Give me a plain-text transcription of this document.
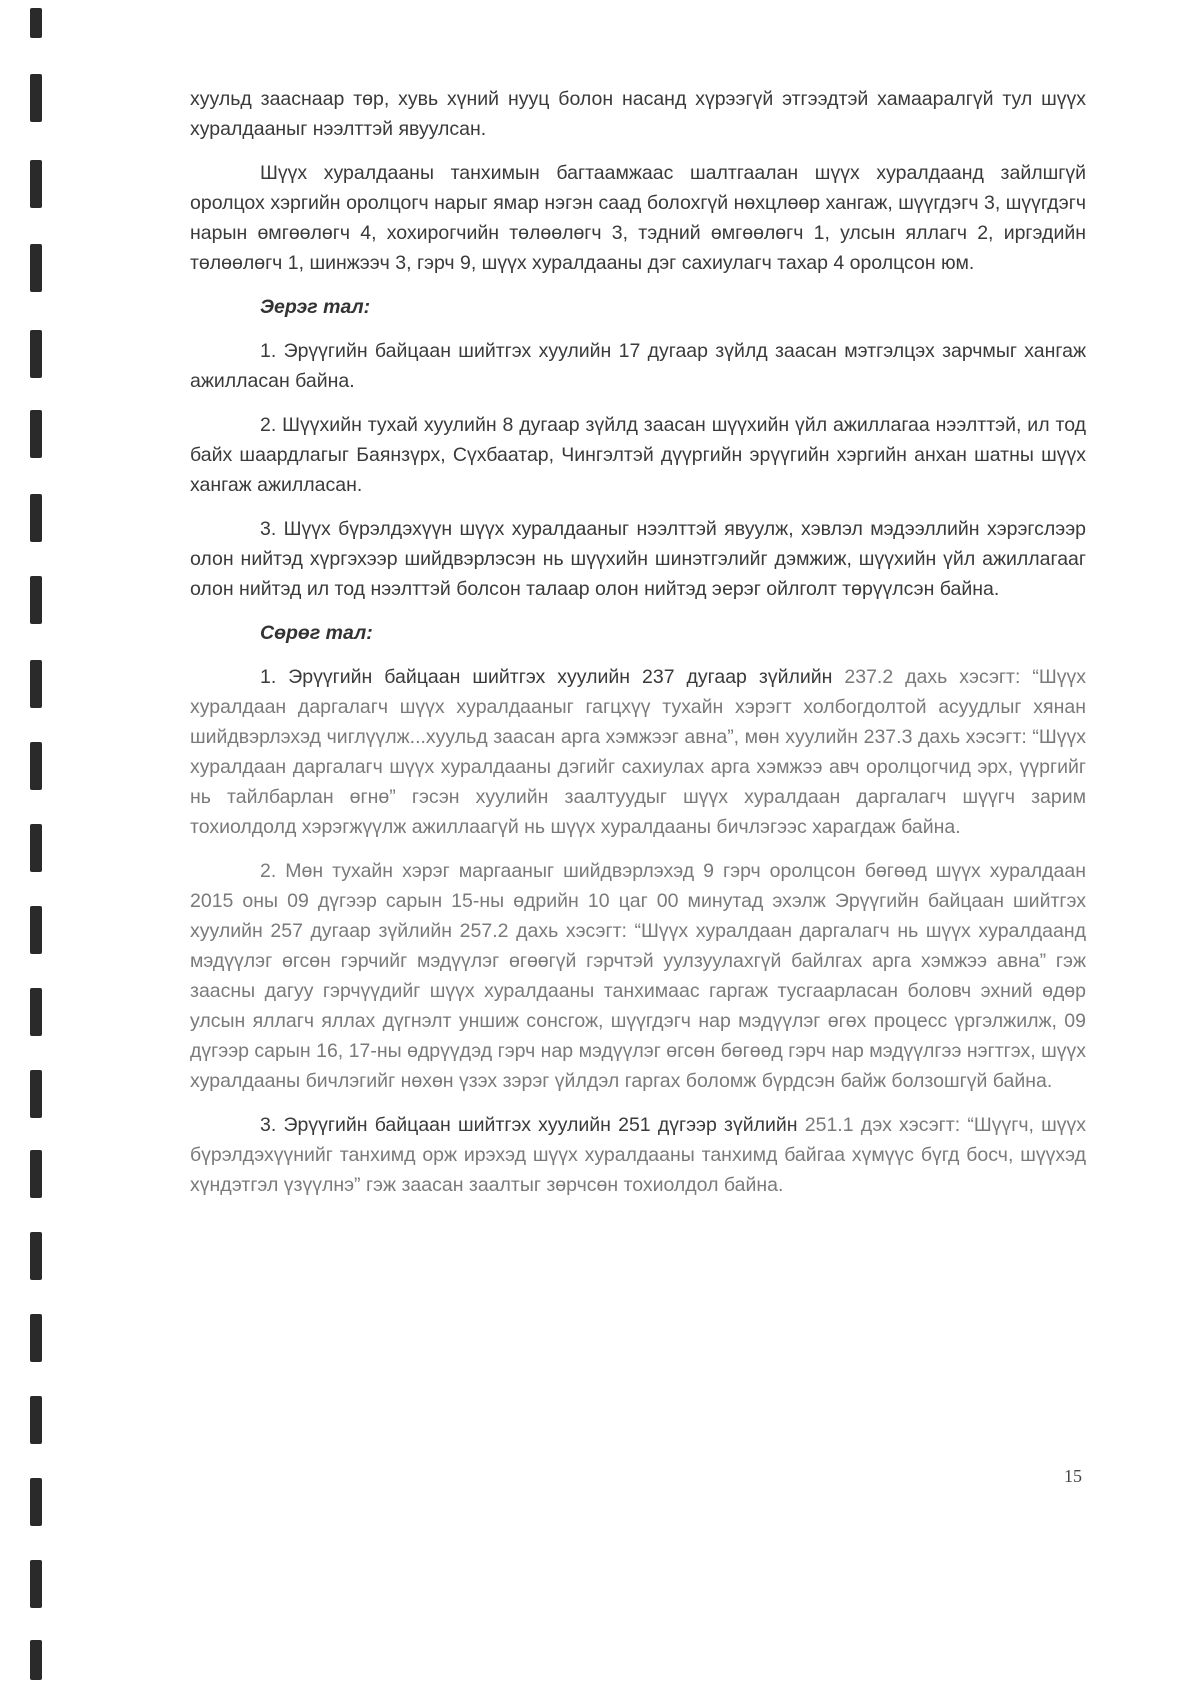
хуульд зааснаар төр, хувь хүний нууц болон насанд хүрээгүй этгээдтэй хамааралгүй тул шүүх хуралдааныг нээлттэй явуулсан.

Шүүх хуралдааны танхимын багтаамжаас шалтгаалан шүүх хуралдаанд зайлшгүй оролцох хэргийн оролцогч нарыг ямар нэгэн саад болохгүй нөхцлөөр хангаж, шүүгдэгч 3, шүүгдэгч нарын өмгөөлөгч 4, хохирогчийн төлөөлөгч 3, тэдний өмгөөлөгч 1, улсын яллагч 2, иргэдийн төлөөлөгч 1, шинжээч 3, гэрч 9, шүүх хуралдааны дэг сахиулагч тахар 4 оролцсон юм.

Эерэг тал:

1. Эрүүгийн байцаан шийтгэх хуулийн 17 дугаар зүйлд заасан мэтгэлцэх зарчмыг хангаж ажилласан байна.

2. Шүүхийн тухай хуулийн 8 дугаар зүйлд заасан шүүхийн үйл ажиллагаа нээлттэй, ил тод байх шаардлагыг Баянзүрх, Сүхбаатар, Чингэлтэй дүүргийн эрүүгийн хэргийн анхан шатны шүүх хангаж ажилласан.

3. Шүүх бүрэлдэхүүн шүүх хуралдааныг нээлттэй явуулж, хэвлэл мэдээллийн хэрэгслээр олон нийтэд хүргэхээр шийдвэрлэсэн нь шүүхийн шинэтгэлийг дэмжиж, шүүхийн үйл ажиллагааг олон нийтэд ил тод нээлттэй болсон талаар олон нийтэд эерэг ойлголт төрүүлсэн байна.

Сөрөг тал:

1. Эрүүгийн байцаан шийтгэх хуулийн 237 дугаар зүйлийн 237.2 дахь хэсэгт: “Шүүх хуралдаан даргалагч шүүх хуралдааныг гагцхүү тухайн хэрэгт холбогдолтой асуудлыг хянан шийдвэрлэхэд чиглүүлж...хуульд заасан арга хэмжээг авна”, мөн хуулийн 237.3 дахь хэсэгт: “Шүүх хуралдаан даргалагч шүүх хуралдааны дэгийг сахиулах арга хэмжээ авч оролцогчид эрх, үүргийг нь тайлбарлан өгнө” гэсэн хуулийн заалтуудыг шүүх хуралдаан даргалагч шүүгч зарим тохиолдолд хэрэгжүүлж ажиллаагүй нь шүүх хуралдааны бичлэгээс харагдаж байна.

2. Мөн тухайн хэрэг маргааныг шийдвэрлэхэд 9 гэрч оролцсон бөгөөд шүүх хуралдаан 2015 оны 09 дүгээр сарын 15-ны өдрийн 10 цаг 00 минутад эхэлж Эрүүгийн байцаан шийтгэх хуулийн 257 дугаар зүйлийн 257.2 дахь хэсэгт: “Шүүх хуралдаан даргалагч нь шүүх хуралдаанд мэдүүлэг өгсөн гэрчийг мэдүүлэг өгөөгүй гэрчтэй уулзуулахгүй байлгах арга хэмжээ авна” гэж заасны дагуу гэрчүүдийг шүүх хуралдааны танхимаас гаргаж тусгаарласан боловч эхний өдөр улсын яллагч яллах дүгнэлт уншиж сонсгож, шүүгдэгч нар мэдүүлэг өгөх процесс үргэлжилж, 09 дүгээр сарын 16, 17-ны өдрүүдэд гэрч нар мэдүүлэг өгсөн бөгөөд гэрч нар мэдүүлгээ нэгтгэх, шүүх хуралдааны бичлэгийг нөхөн үзэх зэрэг үйлдэл гаргах боломж бүрдсэн байж болзошгүй байна.

3. Эрүүгийн байцаан шийтгэх хуулийн 251 дүгээр зүйлийн 251.1 дэх хэсэгт: “Шүүгч, шүүх бүрэлдэхүүнийг танхимд орж ирэхэд шүүх хуралдааны танхимд байгаа хүмүүс бүгд босч, шүүхэд хүндэтгэл үзүүлнэ” гэж заасан заалтыг зөрчсөн тохиолдол байна.

15
